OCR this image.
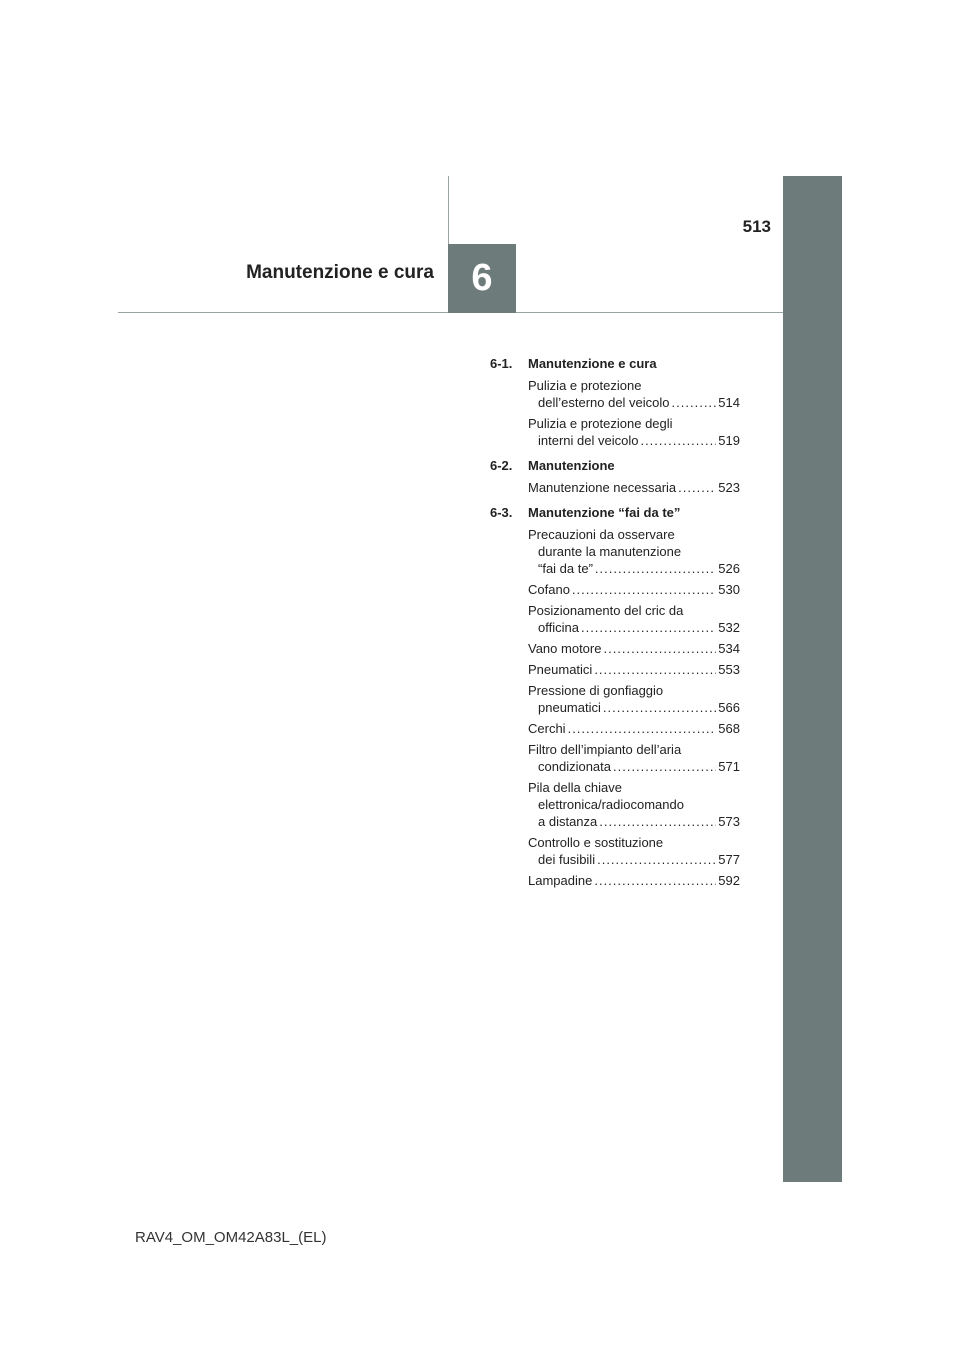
513
Manutenzione e cura 6
6-1.	Manutenzione e cura
Pulizia e protezione
dell’esterno del veicolo .....	514
Pulizia e protezione degli
interni del veicolo .....	519
6-2.	Manutenzione
Manutenzione necessaria .....	523
6-3.	Manutenzione “fai da te”
Precauzioni da osservare
durante la manutenzione
“fai da te” .....	526
Cofano .....	530
Posizionamento del cric da
officina .....	532
Vano motore .....	534
Pneumatici .....	553
Pressione di gonfiaggio
pneumatici .....	566
Cerchi .....	568
Filtro dell’impianto dell’aria
condizionata .....	571
Pila della chiave
elettronica/radiocomando
a distanza .....	573
Controllo e sostituzione
dei fusibili .....	577
Lampadine .....	592
RAV4_OM_OM42A83L_(EL)
